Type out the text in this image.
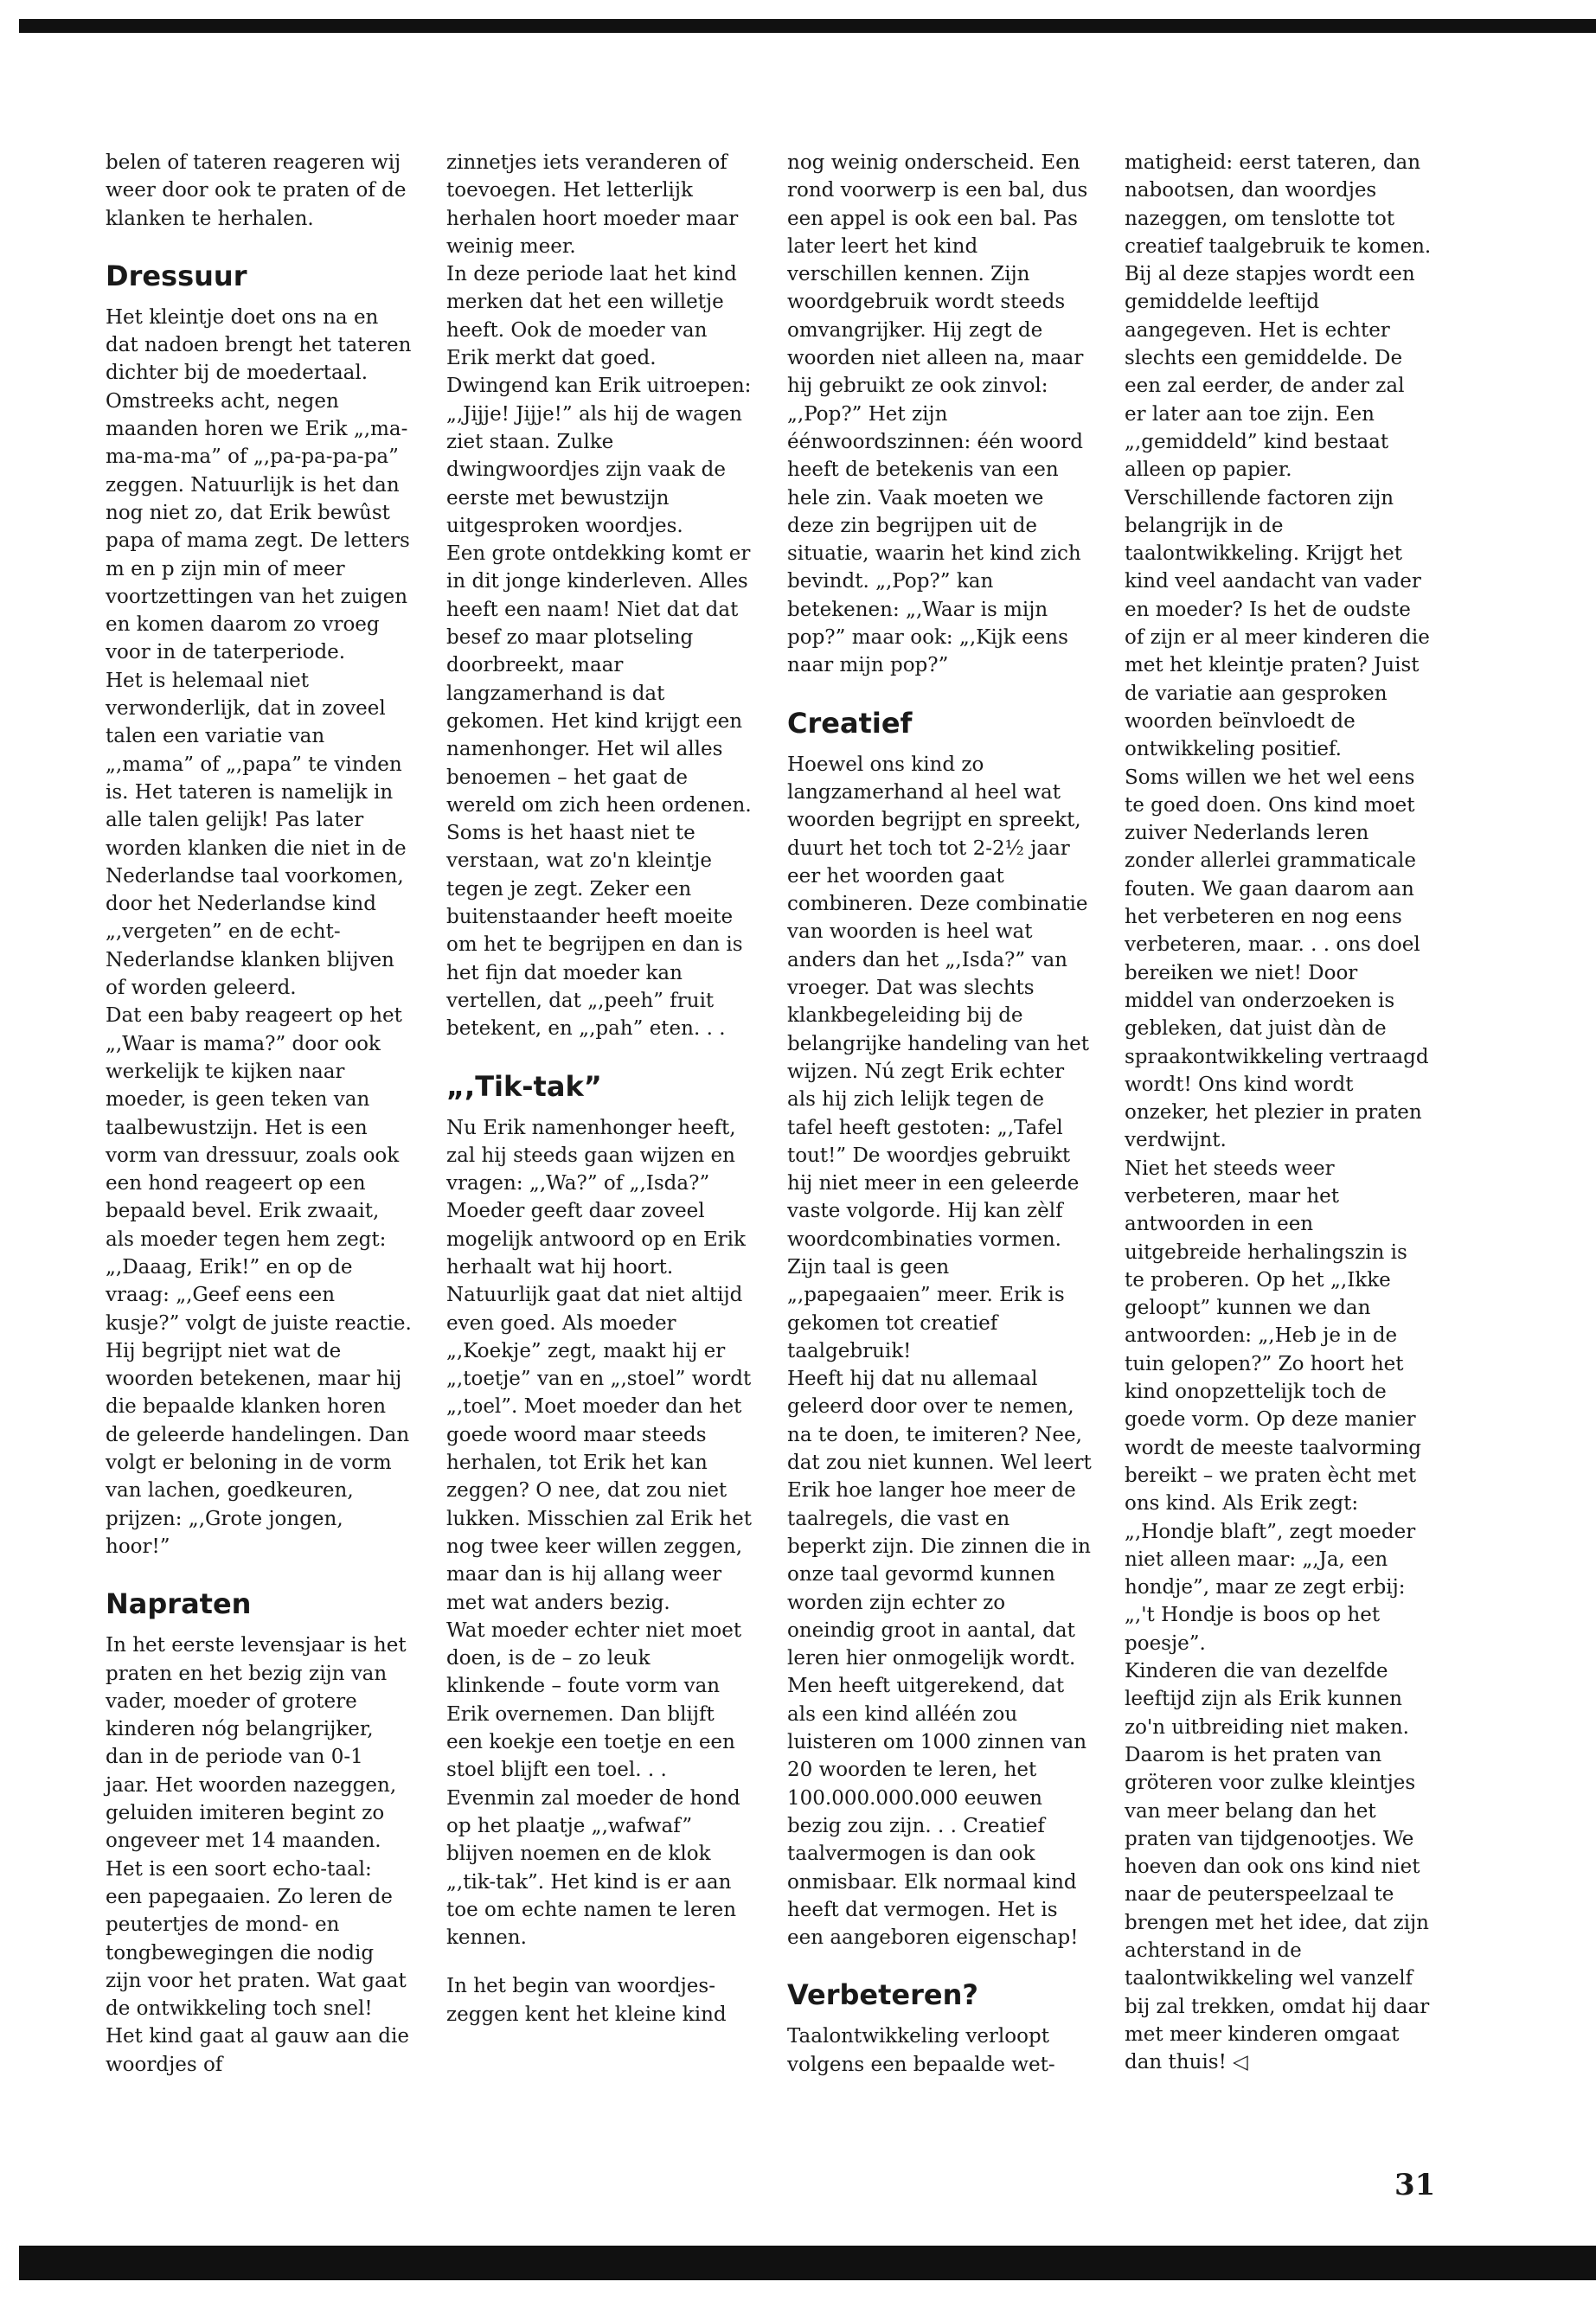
belen of tateren reageren wij weer door ook te praten of de klanken te herhalen.

Dressuur

Het kleintje doet ons na en dat nadoen brengt het tateren dichter bij de moedertaal. Omstreeks acht, negen maanden horen we Erik „,ma-ma-ma-ma” of „,pa-pa-pa-pa” zeggen. Natuurlijk is het dan nog niet zo, dat Erik bewûst papa of mama zegt. De letters m en p zijn min of meer voortzettingen van het zuigen en komen daarom zo vroeg voor in de taterperiode.

Het is helemaal niet verwonderlijk, dat in zoveel talen een variatie van „,mama” of „,papa” te vinden is. Het tateren is namelijk in alle talen gelijk! Pas later worden klanken die niet in de Nederlandse taal voorkomen, door het Nederlandse kind „,vergeten” en de echt-Nederlandse klanken blijven of worden geleerd.

Dat een baby reageert op het „,Waar is mama?” door ook werkelijk te kijken naar moeder, is geen teken van taalbewustzijn. Het is een vorm van dressuur, zoals ook een hond reageert op een bepaald bevel. Erik zwaait, als moeder tegen hem zegt: „,Daaag, Erik!” en op de vraag: „,Geef eens een kusje?” volgt de juiste reactie. Hij begrijpt niet wat de woorden betekenen, maar hij die bepaalde klanken horen de geleerde handelingen. Dan volgt er beloning in de vorm van lachen, goedkeuren, prijzen: „,Grote jongen, hoor!”

Napraten

In het eerste levensjaar is het praten en het bezig zijn van vader, moeder of grotere kinderen nóg belangrijker, dan in de periode van 0-1 jaar. Het woorden nazeggen, geluiden imiteren begint zo ongeveer met 14 maanden. Het is een soort echo-taal: een papegaaien. Zo leren de peutertjes de mond- en tongbewegingen die nodig zijn voor het praten. Wat gaat de ontwikkeling toch snel! Het kind gaat al gauw aan die woordjes of

zinnetjes iets veranderen of toevoegen. Het letterlijk herhalen hoort moeder maar weinig meer.

In deze periode laat het kind merken dat het een willetje heeft. Ook de moeder van Erik merkt dat goed. Dwingend kan Erik uitroepen: „,Jijje! Jijje!” als hij de wagen ziet staan. Zulke dwingwoordjes zijn vaak de eerste met bewustzijn uitgesproken woordjes.

Een grote ontdekking komt er in dit jonge kinderleven. Alles heeft een naam! Niet dat dat besef zo maar plotseling doorbreekt, maar langzamerhand is dat gekomen. Het kind krijgt een namenhonger. Het wil alles benoemen – het gaat de wereld om zich heen ordenen. Soms is het haast niet te verstaan, wat zo'n kleintje tegen je zegt. Zeker een buitenstaander heeft moeite om het te begrijpen en dan is het fijn dat moeder kan vertellen, dat „,peeh” fruit betekent, en „,pah” eten. . .

„,Tik-tak”

Nu Erik namenhonger heeft, zal hij steeds gaan wijzen en vragen: „,Wa?” of „,Isda?” Moeder geeft daar zoveel mogelijk antwoord op en Erik herhaalt wat hij hoort. Natuurlijk gaat dat niet altijd even goed. Als moeder „,Koekje” zegt, maakt hij er „,toetje” van en „,stoel” wordt „,toel”. Moet moeder dan het goede woord maar steeds herhalen, tot Erik het kan zeggen? O nee, dat zou niet lukken. Misschien zal Erik het nog twee keer willen zeggen, maar dan is hij allang weer met wat anders bezig.

Wat moeder echter niet moet doen, is de – zo leuk klinkende – foute vorm van Erik overnemen. Dan blijft een koekje een toetje en een stoel blijft een toel. . . Evenmin zal moeder de hond op het plaatje „,wafwaf” blijven noemen en de klok „,tik-tak”. Het kind is er aan toe om echte namen te leren kennen.

In het begin van woordjes-zeggen kent het kleine kind

nog weinig onderscheid. Een rond voorwerp is een bal, dus een appel is ook een bal. Pas later leert het kind verschillen kennen. Zijn woordgebruik wordt steeds omvangrijker. Hij zegt de woorden niet alleen na, maar hij gebruikt ze ook zinvol: „,Pop?” Het zijn éénwoordszinnen: één woord heeft de betekenis van een hele zin. Vaak moeten we deze zin begrijpen uit de situatie, waarin het kind zich bevindt. „,Pop?” kan betekenen: „,Waar is mijn pop?” maar ook: „,Kijk eens naar mijn pop?”

Creatief

Hoewel ons kind zo langzamerhand al heel wat woorden begrijpt en spreekt, duurt het toch tot 2-2½ jaar eer het woorden gaat combineren. Deze combinatie van woorden is heel wat anders dan het „,Isda?” van vroeger. Dat was slechts klankbegeleiding bij de belangrijke handeling van het wijzen. Nú zegt Erik echter als hij zich lelijk tegen de tafel heeft gestoten: „,Tafel tout!” De woordjes gebruikt hij niet meer in een geleerde vaste volgorde. Hij kan zèlf woordcombinaties vormen. Zijn taal is geen „,papegaaien” meer. Erik is gekomen tot creatief taalgebruik!

Heeft hij dat nu allemaal geleerd door over te nemen, na te doen, te imiteren? Nee, dat zou niet kunnen. Wel leert Erik hoe langer hoe meer de taalregels, die vast en beperkt zijn. Die zinnen die in onze taal gevormd kunnen worden zijn echter zo oneindig groot in aantal, dat leren hier onmogelijk wordt. Men heeft uitgerekend, dat als een kind alléén zou luisteren om 1000 zinnen van 20 woorden te leren, het 100.000.000.000 eeuwen bezig zou zijn. . . Creatief taalvermogen is dan ook onmisbaar. Elk normaal kind heeft dat vermogen. Het is een aangeboren eigenschap!

Verbeteren?

Taalontwikkeling verloopt volgens een bepaalde wet-

matigheid: eerst tateren, dan nabootsen, dan woordjes nazeggen, om tenslotte tot creatief taalgebruik te komen. Bij al deze stapjes wordt een gemiddelde leeftijd aangegeven. Het is echter slechts een gemiddelde. De een zal eerder, de ander zal er later aan toe zijn. Een „,gemiddeld” kind bestaat alleen op papier. Verschillende factoren zijn belangrijk in de taalontwikkeling. Krijgt het kind veel aandacht van vader en moeder? Is het de oudste of zijn er al meer kinderen die met het kleintje praten? Juist de variatie aan gesproken woorden beïnvloedt de ontwikkeling positief.

Soms willen we het wel eens te goed doen. Ons kind moet zuiver Nederlands leren zonder allerlei grammaticale fouten. We gaan daarom aan het verbeteren en nog eens verbeteren, maar. . . ons doel bereiken we niet! Door middel van onderzoeken is gebleken, dat juist dàn de spraakontwikkeling vertraagd wordt! Ons kind wordt onzeker, het plezier in praten verdwijnt.

Niet het steeds weer verbeteren, maar het antwoorden in een uitgebreide herhalingszin is te proberen. Op het „,Ikke geloopt” kunnen we dan antwoorden: „,Heb je in de tuin gelopen?” Zo hoort het kind onopzettelijk toch de goede vorm. Op deze manier wordt de meeste taalvorming bereikt – we praten ècht met ons kind. Als Erik zegt: „,Hondje blaft”, zegt moeder niet alleen maar: „,Ja, een hondje”, maar ze zegt erbij: „,'t Hondje is boos op het poesje”.

Kinderen die van dezelfde leeftijd zijn als Erik kunnen zo'n uitbreiding niet maken. Daarom is het praten van gröteren voor zulke kleintjes van meer belang dan het praten van tijdgenootjes. We hoeven dan ook ons kind niet naar de peuterspeelzaal te brengen met het idee, dat zijn achterstand in de taalontwikkeling wel vanzelf bij zal trekken, omdat hij daar met meer kinderen omgaat dan thuis! ◁

31
